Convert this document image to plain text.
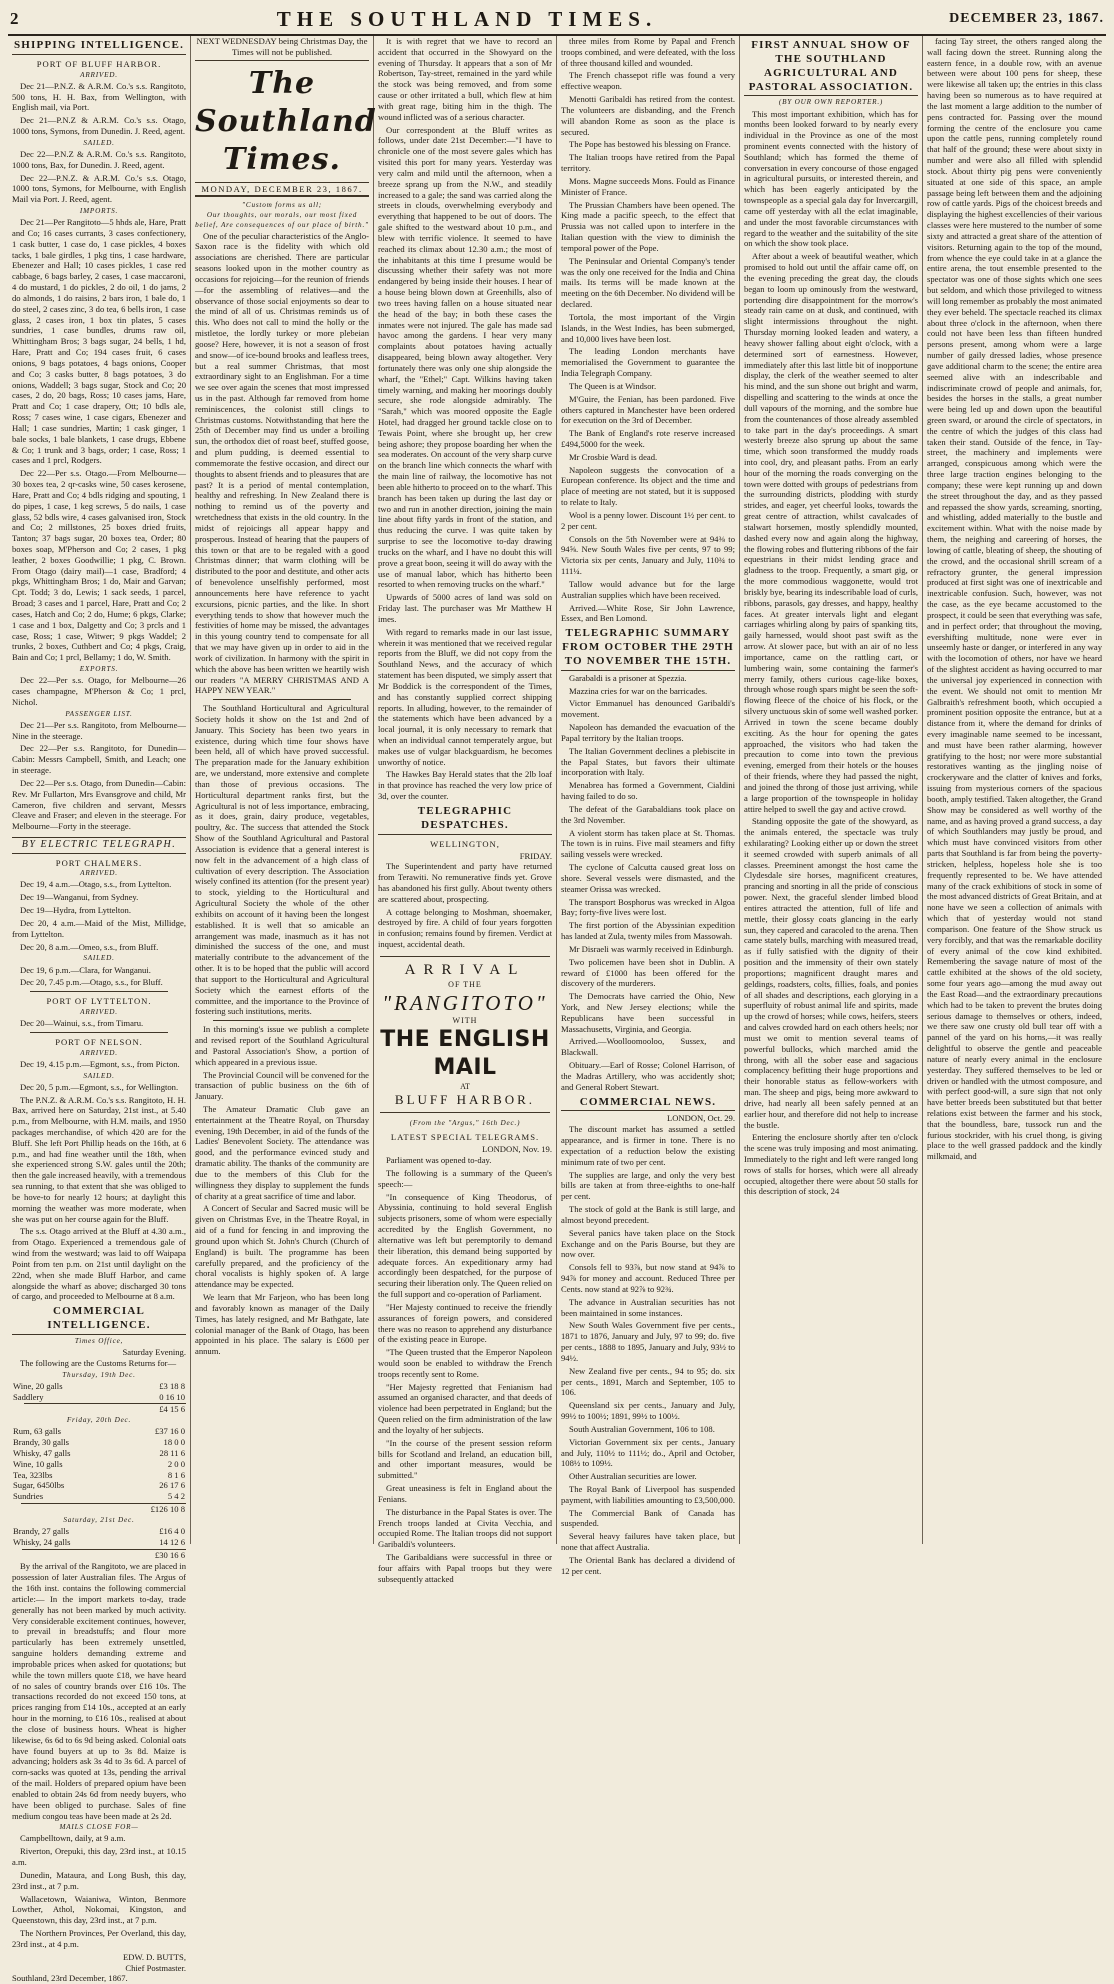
2	THE SOUTHLAND TIMES.	DECEMBER 23, 1867.
SHIPPING INTELLIGENCE.
PORT OF BLUFF HARBOR.
ARRIVED.

Dec 21—P.N.Z. & A.R.M. Co.'s s.s. Rangitoto, 500 tons, H. H. Bax, from Wellington, with English mail, via Port.

Dec 21—P.N.Z & A.R.M. Co.'s s.s. Otago, 1000 tons, Symons, from Dunedin. J. Reed, agent.

SAILED.

Dec 22—P.N.Z & A.R.M. Co.'s s.s. Rangitoto, 1000 tons, Bax, for Dunedin. J. Reed, agent.

Dec 22—P.N.Z. & A.R.M. Co.'s s.s. Otago, 1000 tons, Symons, for Melbourne, with English Mail via Port. J. Reed, agent.

IMPORTS.

Dec 21—Per Rangitoto—5 hhds ale, Hare, Pratt and Co; 16 cases currants, 3 cases confectionery, 1 cask butter, 1 case do, 1 case pickles, 4 boxes tacks, 1 bale girdles, 1 pkg tins, 1 case hardware, Ebenezer and Hall; 10 cases pickles, 1 case red cabbage, 6 bags barley, 2 cases, 1 case maccaroni, 4 do mustard, 1 do pickles, 2 do oil, 1 do jams, 2 do almonds, 1 do raisins, 2 bars iron, 1 bale do, 1 do steel, 2 cases zinc, 3 do tea, 6 bells iron, 1 case glass, 2 cases iron, 1 box tin plates, 5 cases sundries, 1 case bundles, drums raw oil, Whittingham Bros; 3 bags sugar, 24 bells, 1 hd, Hare, Pratt and Co; 194 cases fruit, 6 cases onions, 9 bags potatoes, 4 bags onions, Cooper and Co; 3 casks butter, 8 bags potatoes, 3 do onions, Waddell; 3 bags sugar, Stock and Co; 20 cases, 2 do, 20 bags, Ross; 10 cases jams, Hare, Pratt and Co; 1 case drapery, Ott; 10 bdls ale, Ross; 7 cases wine, 1 case cigars, Ebenezer and Hall; 1 case sundries, Martin; 1 cask ginger, 1 bale socks, 1 bale blankets, 1 case drugs, Ebbene & Co; 1 trunk and 3 bags, order; 1 case, Ross; 1 cases and 1 prcl, Rodgers.

Dec 22—Per s.s. Otago.—From Melbourne—30 boxes tea, 2 qr-casks wine, 50 cases kerosene, Hare, Pratt and Co; 4 bdls ridging and spouting, 1 do pipes, 1 case, 1 keg screws, 5 do nails, 1 case glass, 52 bdls wire, 4 cases galvanised iron, Stock and Co; 2 millstones, 25 boxes dried fruits, Tanton; 37 bags sugar, 20 boxes tea, Order; 80 boxes soap, M'Pherson and Co; 2 cases, 1 pkg leather, 2 boxes Goodwillie; 1 pkg, C. Brown. From Otago (dairy mail)—1 case, Bradford; 4 pkgs, Whittingham Bros; 1 do, Mair and Garvan; Cpt. Todd; 3 do, Lewis; 1 sack seeds, 1 parcel, Broad; 3 cases and 1 parcel, Hare, Pratt and Co; 2 cases, Hatch and Co; 2 do, Hume; 6 pkgs, Clarke; 1 case and 1 box, Dalgetty and Co; 3 prcls and 1 case, Ross; 1 case, Witwer; 9 pkgs Waddel; 2 trunks, 2 boxes, Cuthbert and Co; 4 pkgs, Craig, Bain and Co; 1 prcl, Bellamy; 1 do, W. Smith.

EXPORTS.

Dec 22—Per s.s. Otago, for Melbourne—26 cases champagne, M'Pherson & Co; 1 prcl, Nichol.

PASSENGER LIST.

Dec 21—Per s.s. Rangitoto, from Melbourne—Nine in the steerage.

Dec 22—Per s.s. Rangitoto, for Dunedin—Cabin: Messrs Campbell, Smith, and Leach; one in steerage.

Dec 22—Per s.s. Otago, from Dunedin—Cabin: Rev. Mr Fullarton, Mrs Evansgrove and child, Mr Cameron, five children and servant, Messrs Cleave and Fraser; and eleven in the steerage. For Melbourne—Forty in the steerage.

BY ELECTRIC TELEGRAPH.
PORT CHALMERS.
ARRIVED.

Dec 19, 4 a.m.—Otago, s.s., from Lyttelton.

Dec 19—Wanganui, from Sydney.

Dec 19—Hydra, from Lyttelton.

Dec 20, 4 a.m.—Maid of the Mist, Millidge, from Lyttelton.

Dec 20, 8 a.m.—Omeo, s.s., from Bluff.

SAILED.

Dec 19, 6 p.m.—Clara, for Wanganui.

Dec 20, 7.45 p.m.—Otago, s.s., for Bluff.

PORT OF LYTTELTON.
ARRIVED.

Dec 20—Wainui, s.s., from Timaru.

PORT OF NELSON.
ARRIVED.

Dec 19, 4.15 p.m.—Egmont, s.s., from Picton.

SAILED.

Dec 20, 5 p.m.—Egmont, s.s., for Wellington.

The P.N.Z. & A.R.M. Co.'s s.s. Rangitoto, H. H. Bax, arrived here on Saturday, 21st inst., at 5.40 p.m., from Melbourne, with H.M. mails, and 1950 packages merchandise, of which 420 are for the Bluff. She left Port Phillip heads on the 16th, at 6 p.m., and had fine weather until the 18th, when she experienced strong S.W. gales until the 20th; then the gale increased heavily, with a tremendous sea running, to that extent that she was obliged to be hove-to for nearly 12 hours; at daylight this morning the weather was more moderate, when she was put on her course again for the Bluff.

The s.s. Otago arrived at the Bluff at 4.30 a.m., from Otago. Experienced a tremendous gale of wind from the westward; was laid to off Waipapa Point from ten p.m. on 21st until daylight on the 22nd, when she made Bluff Harbor, and came alongside the wharf as above; discharged 30 tons of cargo, and proceeded to Melbourne at 8 a.m.

COMMERCIAL INTELLIGENCE.
Times Office,
Saturday Evening.

The following are the Customs Returns for—

Thursday, 19th Dec.
Wine, 20 galls	£3 18 8
Saddlery	0 16 10
	£4 15 6
Friday, 20th Dec.
Rum, 63 galls	£37 16 0
Brandy, 30 galls	18 0 0
Whisky, 47 galls	28 11 6
Wine, 10 galls	2 0 0
Tea, 323lbs	8 1 6
Sugar, 6450lbs	26 17 6
Sundries	5 4 2
	£126 10 8
Saturday, 21st Dec.
Brandy, 27 galls	£16 4 0
Whisky, 24 galls	14 12 6
	£30 16 6

By the arrival of the Rangitoto, we are placed in possession of later Australian files. The Argus of the 16th inst. contains the following commercial article:— In the import markets to-day, trade generally has not been marked by much activity. Very considerable excitement continues, however, to prevail in breadstuffs; and flour more particularly has been extremely unsettled, sanguine holders demanding extreme and improbable prices when asked for quotations; but while the town millers quote £18, we have heard of no sales of country brands over £16 10s. The transactions recorded do not exceed 150 tons, at prices ranging from £14 10s., accepted at an early hour in the morning, to £16 10s., realised at about the close of business hours. Wheat is higher likewise, 6s 6d to 6s 9d being asked. Colonial oats have found buyers at up to 3s 8d. Maize is advancing; holders ask 3s 4d to 3s 6d. A parcel of corn-sacks was quoted at 13s, pending the arrival of the mail. Holders of prepared opium have been enabled to obtain 24s 6d from needy buyers, who have been obliged to purchase. Sales of fine medium congou teas have been made at 2s 2d.

MAILS CLOSE FOR—

Campbelltown, daily, at 9 a.m.

Riverton, Orepuki, this day, 23rd inst., at 10.15 a.m.

Dunedin, Mataura, and Long Bush, this day, 23rd inst., at 7 p.m.

Wallacetown, Waianiwa, Winton, Benmore Lowther, Athol, Nokomai, Kingston, and Queenstown, this day, 23rd inst., at 7 p.m.

The Northern Provinces, Per Overland, this day, 23rd inst., at 4 p.m.

EDW. D. BUTTS,
Chief Postmaster.
Southland, 23rd December, 1867.
NEXT WEDNESDAY being Christmas Day, the Times will not be published.
The Southland Times.
MONDAY, DECEMBER 23, 1867.
"Custom forms us all;
Our thoughts, our morals, our most fixed belief, Are consequences of our place of birth."

One of the peculiar characteristics of the Anglo-Saxon race is the fidelity with which old associations are cherished. There are particular seasons looked upon in the mother country as occasions for rejoicing—for the reunion of friends—for the assembling of relatives—and the observance of those social enjoyments so dear to the mind of all of us. Christmas reminds us of this. Who does not call to mind the holly or the mistletoe, the lordly turkey or more plebeian goose? Here, however, it is not a season of frost and snow—of ice-bound brooks and leafless trees, but a real summer Christmas, that most extraordinary sight to an Englishman. For a time we see over again the scenes that most impressed us in the past. Although far removed from home reminiscences, the colonist still clings to Christmas customs. Notwithstanding that here the 25th of December may find us under a broiling sun, the orthodox diet of roast beef, stuffed goose, and plum pudding, is deemed essential to commemorate the festive occasion, and direct our thoughts to absent friends and to pleasures that are past? It is a period of mental contemplation, healthy and refreshing. In New Zealand there is nothing to remind us of the poverty and wretchedness that exists in the old country. In the midst of rejoicings all appear happy and prosperous. Instead of hearing that the paupers of this town or that are to be regaled with a good Christmas dinner; that warm clothing will be distributed to the poor and destitute, and other acts of benevolence unselfishly performed, most announcements here have reference to yacht excursions, picnic parties, and the like. In short everything tends to show that however much the festivities of home may be missed, the advantages in this young country tend to compensate for all that we may have given up in order to aid in the work of civilization. In harmony with the spirit in which the above has been written we heartily wish our readers "A MERRY CHRISTMAS AND A HAPPY NEW YEAR."

The Southland Horticultural and Agricultural Society holds it show on the 1st and 2nd of January. This Society has been two years in existence, during which time four shows have been held, all of which have proved successful. The preparation made for the January exhibition are, we understand, more extensive and complete than those of previous occasions. The Horticultural department ranks first, but the Agricultural is not of less importance, embracing, as it does, grain, dairy produce, vegetables, poultry, &c. The success that attended the Stock Show of the Southland Agricultural and Pastoral Association is evidence that a general interest is now felt in the advancement of a high class of cultivation of every description. The Association wisely confined its attention (for the present year) to stock, yielding to the Horticultural and Agricultural Society the whole of the other exhibits on account of it having been the longest established. It is well that so amicable an arrangement was made, inasmuch as it has not diminished the success of the one, and must materially contribute to the advancement of the other. It is to be hoped that the public will accord that support to the Horticultural and Agricultural Society which the earnest efforts of the committee, and the importance to the Province of fostering such institutions, merits.

In this morning's issue we publish a complete and revised report of the Southland Agricultural and Pastoral Association's Show, a portion of which appeared in a previous issue.

The Provincial Council will be convened for the transaction of public business on the 6th of January.

The Amateur Dramatic Club gave an entertainment at the Theatre Royal, on Thursday evening, 19th December, in aid of the funds of the Ladies' Benevolent Society. The attendance was good, and the performance evinced study and dramatic ability. The thanks of the community are due to the members of this Club for the willingness they display to supplement the funds of charity at a great sacrifice of time and labor.

A Concert of Secular and Sacred music will be given on Christmas Eve, in the Theatre Royal, in aid of a fund for fencing in and improving the ground upon which St. John's Church (Church of England) is built. The programme has been carefully prepared, and the proficiency of the choral vocalists is highly spoken of. A large attendance may be expected.

We learn that Mr Farjeon, who has been long and favorably known as manager of the Daily Times, has lately resigned, and Mr Bathgate, late colonial manager of the Bank of Otago, has been appointed in his place. The salary is £600 per annum.

It is with regret that we have to record an accident that occurred in the Showyard on the evening of Thursday. It appears that a son of Mr Robertson, Tay-street, remained in the yard while the stock was being removed, and from some cause or other irritated a bull, which flew at him with great rage, biting him in the thigh. The wound inflicted was of a serious character.

Our correspondent at the Bluff writes as follows, under date 21st December:—"I have to chronicle one of the most severe gales which has visited this port for many years. Yesterday was very calm and mild until the afternoon, when a breeze sprang up from the N.W., and steadily increased to a gale; the sand was carried along the streets in clouds, overwhelming everybody and everything that happened to be out of doors. The gale shifted to the westward about 10 p.m., and blew with terrific violence. It seemed to have reached its climax about 12.30 a.m.; the most of the inhabitants at this time I presume would be discussing whether their safety was not more endangered by being inside their houses. I hear of a house being blown down at Greenhills, also of two trees having fallen on a house situated near the head of the bay; in both these cases the inmates were not injured. The gale has made sad havoc among the gardens. I hear very many complaints about potatoes having actually disappeared, being blown away altogether. Very fortunately there was only one ship alongside the wharf, the "Ethel;" Capt. Wilkins having taken timely warning, and making her moorings doubly secure, she rode alongside admirably. The "Sarah," which was moored opposite the Eagle Hotel, had dragged her ground tackle close on to Tewais Point, where she brought up, her crew being ashore; they propose boarding her when the sea moderates. On account of the very sharp curve on the branch line which connects the wharf with the main line of railway, the locomotive has not been able hitherto to proceed on to the wharf. This branch has been taken up during the last day or two and run in another direction, joining the main line about fifty yards in front of the station, and thus reducing the curve. I was quite taken by surprise to see the locomotive to-day drawing trucks on the wharf, and I have no doubt this will prove a great boon, seeing it will do away with the use of manual labor, which has hitherto been resorted to when removing trucks on the wharf."

Upwards of 5000 acres of land was sold on Friday last. The purchaser was Mr Matthew H imes.

With regard to remarks made in our last issue, wherein it was mentioned that we received regular reports from the Bluff, we did not copy from the Southland News, and the accuracy of which statement has been disputed, we simply assert that Mr Boddick is the correspondent of the Times, and has constantly supplied correct shipping reports. In alluding, however, to the remainder of the statements which have been advanced by a local journal, it is only necessary to remark that when an individual cannot temperately argue, but makes use of vulgar blackguardism, he becomes unworthy of notice.

The Hawkes Bay Herald states that the 2lb loaf in that province has reached the very low price of 3d, over the counter.

TELEGRAPHIC DESPATCHES.
WELLINGTON,
FRIDAY.

The Superintendent and party have returned from Terawiti. No remunerative finds yet. Grove has abandoned his first gully. About twenty others are scattered about, prospecting.

A cottage belonging to Moshman, shoemaker, destroyed by fire. A child of four years forgotten in confusion; remains found by firemen. Verdict at inquest, accidental death.

ARRIVAL
OF THE
"RANGITOTO"
WITH
THE ENGLISH MAIL
AT
BLUFF HARBOR.
(From the "Argus," 16th Dec.)
LATEST SPECIAL TELEGRAMS.
LONDON, Nov. 19.

Parliament was opened to-day.

The following is a summary of the Queen's speech:—

"In consequence of King Theodorus, of Abyssinia, continuing to hold several English subjects prisoners, some of whom were especially accredited by the English Government, no alternative was left but peremptorily to demand their liberation, this demand being supported by adequate forces. An expeditionary army had accordingly been despatched, for the purpose of securing their liberation only. The Queen relied on the full support and co-operation of Parliament.

"Her Majesty continued to receive the friendly assurances of foreign powers, and considered there was no reason to apprehend any disturbance of the existing peace in Europe.

"The Queen trusted that the Emperor Napoleon would soon be enabled to withdraw the French troops recently sent to Rome.

"Her Majesty regretted that Fenianism had assumed an organised character, and that deeds of violence had been perpetrated in England; but the Queen relied on the firm administration of the law and the loyalty of her subjects.

"In the course of the present session reform bills for Scotland and Ireland, an education bill, and other important measures, would be submitted."

Great uneasiness is felt in England about the Fenians.

The disturbance in the Papal States is over. The French troops landed at Civita Vecchia, and occupied Rome. The Italian troops did not support Garibaldi's volunteers.

The Garibaldians were successful in three or four affairs with Papal troops but they were subsequently attacked

three miles from Rome by Papal and French troops combined, and were defeated, with the loss of three thousand killed and wounded.

The French chassepot rifle was found a very effective weapon.

Menotti Garibaldi has retired from the contest. The volunteers are disbanding, and the French will abandon Rome as soon as the place is secured.

The Pope has bestowed his blessing on France.

The Italian troops have retired from the Papal territory.

Mons. Magne succeeds Mons. Fould as Finance Minister of France.

The Prussian Chambers have been opened. The King made a pacific speech, to the effect that Prussia was not called upon to interfere in the Italian question with the view to diminish the temporal power of the Pope.

The Peninsular and Oriental Company's tender was the only one received for the India and China mails. Its terms will be made known at the meeting on the 6th December. No dividend will be declared.

Tortola, the most important of the Virgin Islands, in the West Indies, has been submerged, and 10,000 lives have been lost.

The leading London merchants have memorialised the Government to guarantee the India Telegraph Company.

The Queen is at Windsor.

M'Guire, the Fenian, has been pardoned. Five others captured in Manchester have been ordered for execution on the 3rd of December.

The Bank of England's rote reserve increased £494,5000 for the week.

Mr Crosbie Ward is dead.

Napoleon suggests the convocation of a European conference. Its object and the time and place of meeting are not stated, but it is supposed to relate to Italy.

Wool is a penny lower. Discount 1½ per cent. to 2 per cent.

Consols on the 5th November were at 94⅜ to 94⅝. New South Wales five per cents, 97 to 99; Victoria six per cents, January and July, 110¾ to 111¼.

Tallow would advance but for the large Australian supplies which have been received.

Arrived.—White Rose, Sir John Lawrence, Essex, and Ben Lomond.

TELEGRAPHIC SUMMARY FROM OCTOBER THE 29TH TO NOVEMBER THE 15TH.

Garabaldi is a prisoner at Spezzia.

Mazzina cries for war on the barricades.

Victor Emmanuel has denounced Garibaldi's movement.

Napoleon has demanded the evacuation of the Papal territory by the Italian troops.

The Italian Government declines a plebiscite in the Papal States, but favors their ultimate incorporation with Italy.

Menabrea has formed a Government, Cialdini having failed to do so.

The defeat of the Garabaldians took place on the 3rd November.

A violent storm has taken place at St. Thomas. The town is in ruins. Five mail steamers and fifty sailing vessels were wrecked.

The cyclone of Calcutta caused great loss on shore. Several vessels were dismasted, and the steamer Orissa was wrecked.

The transport Bosphorus was wrecked in Algoa Bay; forty-five lives were lost.

The first portion of the Abyssinian expedition has landed at Zula, twenty miles from Massowah.

Mr Disraeli was warmly received in Edinburgh.

Two policemen have been shot in Dublin. A reward of £1000 has been offered for the discovery of the murderers.

The Democrats have carried the Ohio, New York, and New Jersey elections; while the Republicans have been successful in Massachusetts, Virginia, and Georgia.

Arrived.—Woolloomooloo, Sussex, and Blackwall.

Obituary.—Earl of Rosse; Colonel Harrison, of the Madras Artillery, who was accidently shot; and General Robert Stewart.

COMMERCIAL NEWS.
LONDON, Oct. 29.

The discount market has assumed a settled appearance, and is firmer in tone. There is no expectation of a reduction below the existing minimum rate of two per cent.

The supplies are large, and only the very best bills are taken at from three-eighths to one-half per cent.

The stock of gold at the Bank is still large, and almost beyond precedent.

Several panics have taken place on the Stock Exchange and on the Paris Bourse, but they are now over.

Consols fell to 93⅞, but now stand at 94⅞ to 94⅞ for money and account. Reduced Three per Cents. now stand at 92⅞ to 92¾.

The advance in Australian securities has not been maintained in some instances.

New South Wales Government five per cents., 1871 to 1876, January and July, 97 to 99; do. five per cents., 1888 to 1895, January and July, 93½ to 94½.

New Zealand five per cents., 94 to 95; do. six per cents., 1891, March and September, 105 to 106.

Queensland six per cents., January and July, 99½ to 100½; 1891, 99½ to 100½.

South Australian Government, 106 to 108.

Victorian Government six per cents., January and July, 110½ to 111½; do., April and October, 108½ to 109½.

Other Australian securities are lower.

The Royal Bank of Liverpool has suspended payment, with liabilities amounting to £3,500,000.

The Commercial Bank of Canada has suspended.

Several heavy failures have taken place, but none that affect Australia.

The Oriental Bank has declared a dividend of 12 per cent.

FIRST ANNUAL SHOW OF THE SOUTHLAND AGRICULTURAL AND PASTORAL ASSOCIATION.
(BY OUR OWN REPORTER.)

This most important exhibition, which has for months been looked forward to by nearly every individual in the Province as one of the most prominent events connected with the history of Southland; which has formed the theme of conversation in every concourse of those engaged in agricultural pursuits, or interested therein, and which has been eagerly anticipated by the townspeople as a special gala day for Invercargill, came off yesterday with all the eclat imaginable, and under the most favorable circumstances with regard to the weather and the suitability of the site on which the show took place.

After about a week of beautiful weather, which promised to hold out until the affair came off, on the evening preceding the great day, the clouds began to loom up ominously from the westward, portending dire disappointment for the morrow's steady rain came on at dusk, and continued, with slight intermissions throughout the night. Thursday morning looked leaden and watery, a heavy shower falling about eight o'clock, with a determined sort of earnestness. However, immediately after this last little bit of inopportune display, the clerk of the weather seemed to alter his mind, and the sun shone out bright and warm, dispelling and scattering to the winds at once the dull vapours of the morning, and the sombre hue from the countenances of those already assembled to take part in the day's proceedings. A smart westerly breeze also sprung up about the same time, which soon transformed the muddy roads into cool, dry, and pleasant paths. From an early hour of the morning the roads converging on the town were dotted with groups of pedestrians from the surrounding districts, plodding with sturdy strides, and eager, yet cheerful looks, towards the great centre of attraction, whilst cavalcades of stalwart horsemen, mostly splendidly mounted, dashed every now and again along the highway, the flowing robes and fluttering ribbons of the fair equestrians in their midst lending grace and gladness to the troop. Frequently, a smart gig, or the more commodious waggonette, would trot briskly bye, bearing its indescribable load of curls, ribbons, parasols, gay dresses, and happy, healthy faces. At greater intervals light and elegant carriages whirling along by pairs of spanking tits, gaily harnessed, would shoot past swift as the arrow. At slower pace, but with an air of no less importance, came on the rattling cart, or lumbering wain, some containing the farmer's merry family, others curious cage-like boxes, through whose rough spars might be seen the soft-flowing fleece of the choice of his flock, or the silvery unctuous skin of some well washed porker. Arrived in town the scene became doubly exciting. As the hour for opening the gates approached, the visitors who had taken the precaution to come into town the previous evening, emerged from their hotels or the houses of their friends, where they had passed the night, and joined the throng of those just arriving, while a large proportion of the townspeople in holiday attire helped to swell the gay and active crowd.

Standing opposite the gate of the showyard, as the animals entered, the spectacle was truly exhilarating? Looking either up or down the street it seemed crowded with superb animals of all classes. Preeminent amongst the host came the Clydesdale sire horses, magnificent creatures, prancing and snorting in all the pride of conscious power. Next, the graceful slender limbed blood entires attracted the attention, full of life and mettle, their glossy coats glancing in the early sun, they capered and caracoled to the arena. Then came stately bulls, marching with measured tread, as if fully satisfied with the dignity of their position and the immensity of their own stately proportions; magnificent draught mares and geldings, roadsters, colts, fillies, foals, and ponies of all shades and descriptions, each glorying in a superfluity of robust animal life and spirits, made up the crowd of horses; while cows, heifers, steers and calves crowded hard on each others heels; nor must we omit to mention several teams of powerful bullocks, which marched amid the throng, with all the sober ease and sagacious complacency befitting their huge proportions and their honorable status as fellow-workers with man. The sheep and pigs, being more awkward to drive, had nearly all been safely penned at an earlier hour, and therefore did not help to increase the bustle.

Entering the enclosure shortly after ten o'clock the scene was truly imposing and most animating. Immediately to the right and left were ranged long rows of stalls for horses, which were all already occupied, altogether there were about 50 stalls for this description of stock, 24

facing Tay street, the others ranged along the wall facing down the street. Running along the eastern fence, in a double row, with an avenue between were about 100 pens for sheep, these were likewise all taken up; the entries in this class having been so numerous as to have required at the last moment a large addition to the number of pens contracted for. Passing over the mound forming the centre of the enclosure you came upon the cattle pens, running completely round that half of the ground; these were about sixty in number and were also all filled with splendid stock. About thirty pig pens were conveniently situated at one side of this space, an ample passage being left between them and the adjoining row of cattle yards. Pigs of the choicest breeds and displaying the highest excellencies of their various classes were here mustered to the number of some sixty and attracted a great share of the attention of visitors. Returning again to the top of the mound, from whence the eye could take in at a glance the entire arena, the tout ensemble presented to the spectator was one of those sights which one sees but seldom, and which those privileged to witness will long remember as probably the most animated they ever beheld. The spectacle reached its climax about three o'clock in the afternoon, when there could not have been less than fifteen hundred persons present, among whom were a large number of gaily dressed ladies, whose presence gave additional charm to the scene; the entire area seemed alive with an indescribable and indiscriminate crowd of people and animals, for, besides the horses in the stalls, a great number were being led up and down upon the beautiful green sward, or around the circle of spectators, in the centre of which the judges of this class had taken their stand. Outside of the fence, in Tay-street, the machinery and implements were arranged, conspicuous among which were the three large traction engines belonging to the company; these were kept running up and down the street throughout the day, and as they passed and repassed the show yards, screaming, snorting, and whistling, added materially to the bustle and excitement within. What with the noise made by them, the neighing and careering of horses, the lowing of cattle, bleating of sheep, the shouting of the crowd, and the occasional shrill scream of a refractory grunter, the general impression produced at first sight was one of inextricable and inextricable confusion. Such, however, was not the case, as the eye became accustomed to the prospect, it could be seen that everything was safe, and in perfect order; that throughout the moving, evershifting multitude, none were ever in unseemly haste or danger, or interfered in any way with the locomotion of others, nor have we heard of the slightest accident as having occurred to mar the universal joy experienced in connection with the event. We should not omit to mention Mr Galbraith's refreshment booth, which occupied a prominent position opposite the entrance, but at a distance from it, where the demand for drinks of every imaginable name seemed to be incessant, and must have been rather alarming, however gratifying to the host; nor were more substantial restoratives wanting as the jingling noise of crockeryware and the clatter of knives and forks, issuing from mysterious corners of the spacious booth, amply testified. Taken altogether, the Grand Show may be considered as well worthy of the name, and as having proved a grand success, a day of which Southlanders may justly be proud, and which must have convinced visitors from other parts that Southland is far from being the poverty-stricken, helpless, hopeless hole she is too frequently represented to be. We have attended many of the crack exhibitions of stock in some of the most advanced districts of Great Britain, and at none have we seen a collection of animals with which that of yesterday would not stand comparison. One feature of the Show struck us very forcibly, and that was the remarkable docility of every animal of the cow kind exhibited. Remembering the savage nature of most of the cattle exhibited at the shows of the old society, some four years ago—among the mud away out the East Road—and the extraordinary precautions which had to be taken to prevent the brutes doing serious damage to themselves or others, indeed, we there saw one crusty old bull tear off with a pannel of the yard on his horns,—it was really delightful to observe the gentle and peaceable nature of nearly every animal in the enclosure yesterday. They suffered themselves to be led or driven or handled with the utmost composure, and with perfect good-will, a sure sign that not only have better breeds been substituted but that better relations exist between the farmer and his stock, that the boundless, bare, tussock run and the furious stockrider, with his cruel thong, is giving place to the well grassed paddock and the kindly milkmaid, and
